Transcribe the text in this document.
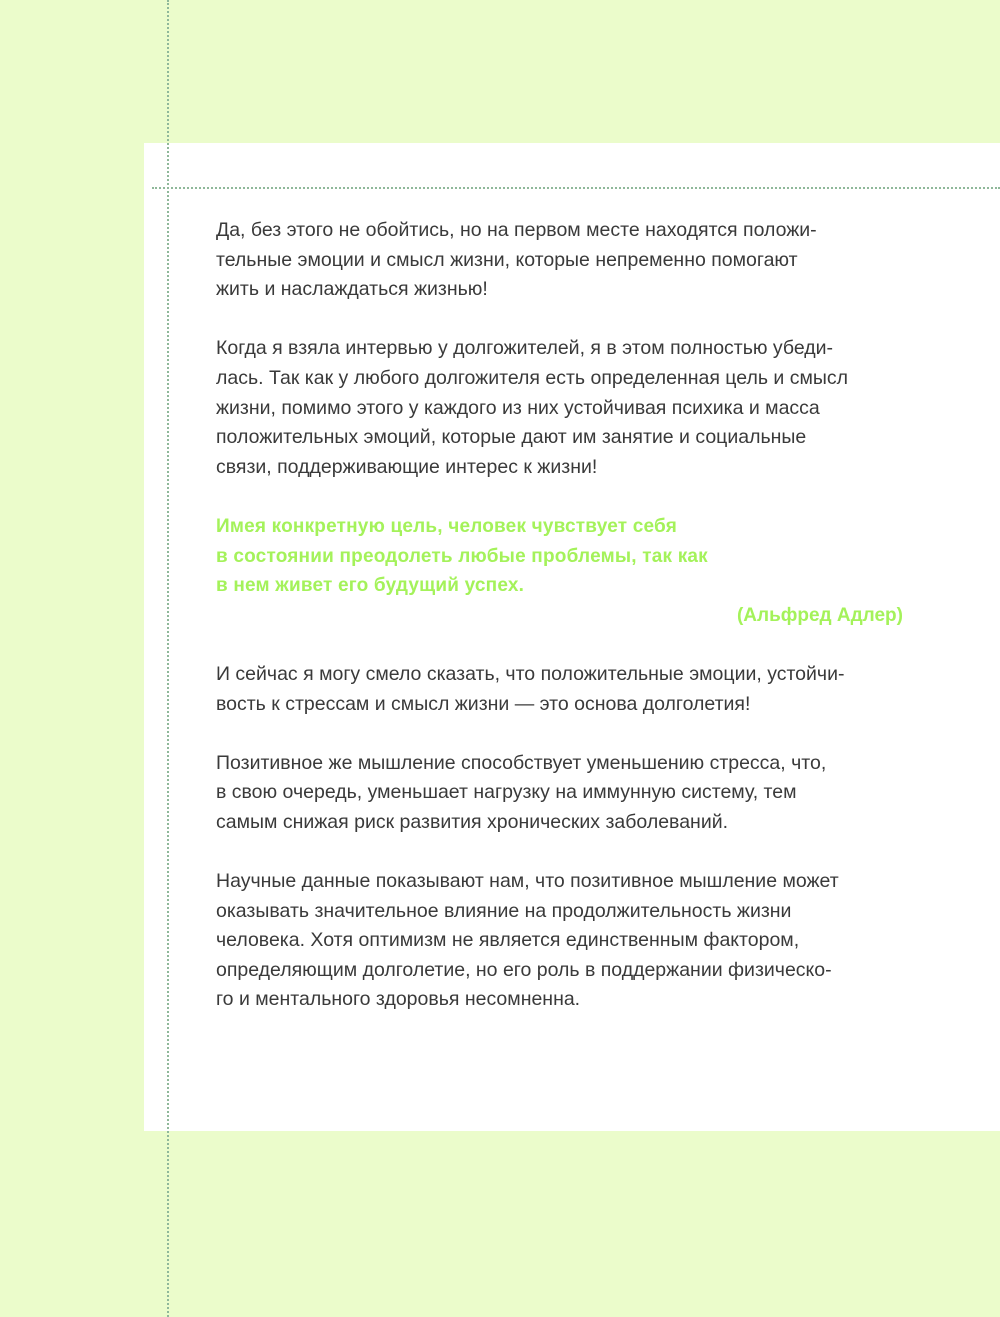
Да, без этого не обойтись, но на первом месте находятся положи-
тельные эмоции и смысл жизни, которые непременно помогают
жить и наслаждаться жизнью!

Когда я взяла интервью у долгожителей, я в этом полностью убеди-
лась. Так как у любого долгожителя есть определенная цель и смысл
жизни, помимо этого у каждого из них устойчивая психика и масса
положительных эмоций, которые дают им занятие и социальные
связи, поддерживающие интерес к жизни!

Имея конкретную цель, человек чувствует себя
в состоянии преодолеть любые проблемы, так как
в нем живет его будущий успех.

(Альфред Адлер)

И сейчас я могу смело сказать, что положительные эмоции, устойчи-
вость к стрессам и смысл жизни — это основа долголетия!

Позитивное же мышление способствует уменьшению стресса, что,
в свою очередь, уменьшает нагрузку на иммунную систему, тем
самым снижая риск развития хронических заболеваний.

Научные данные показывают нам, что позитивное мышление может
оказывать значительное влияние на продолжительность жизни
человека. Хотя оптимизм не является единственным фактором,
определяющим долголетие, но его роль в поддержании физическо-
го и ментального здоровья несомненна.
